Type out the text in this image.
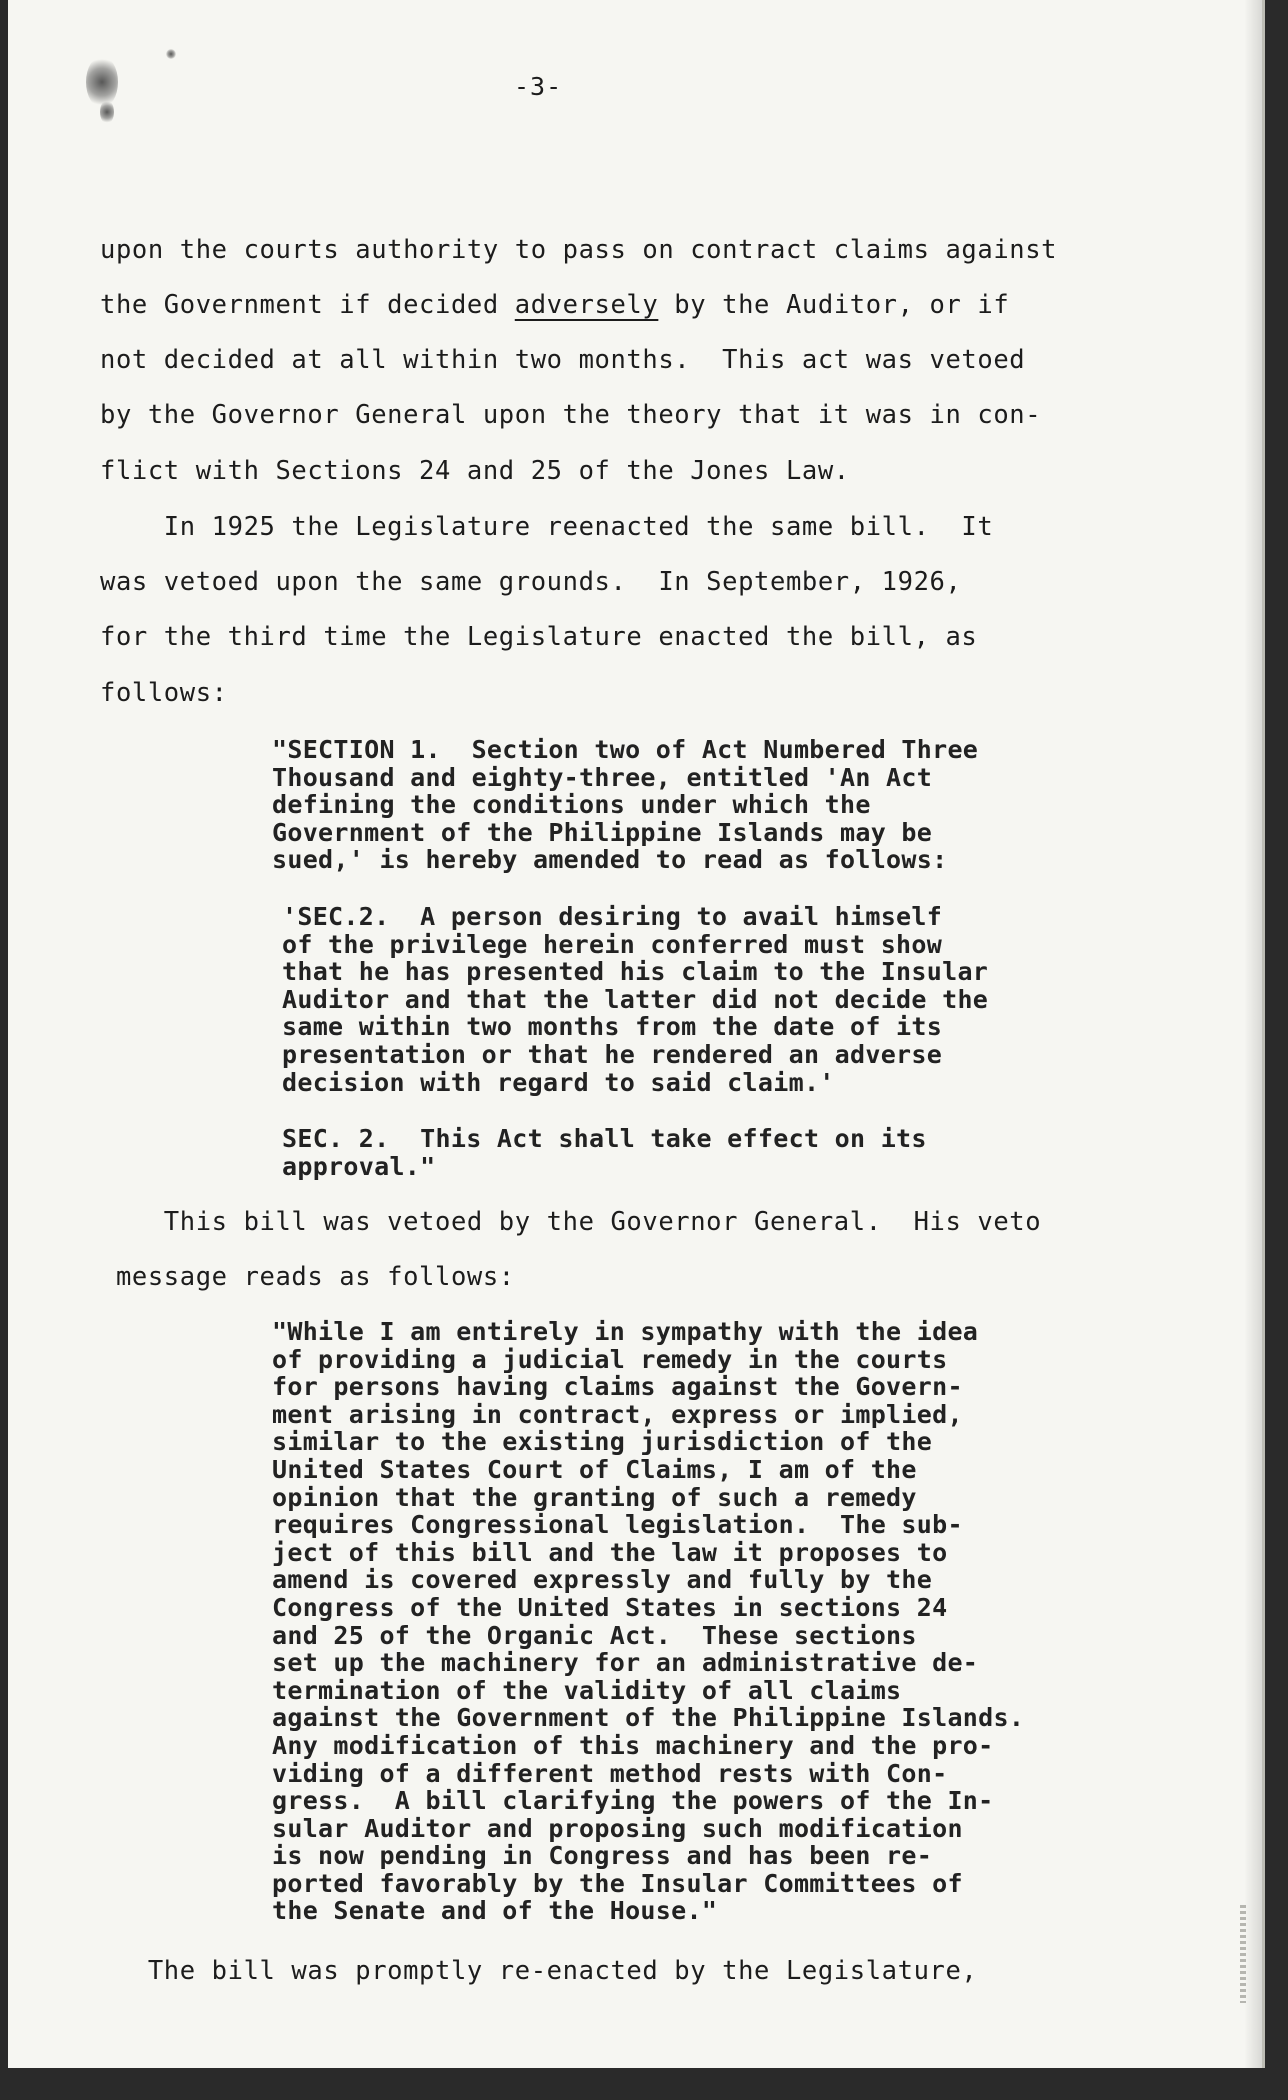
-3-

upon the courts authority to pass on contract claims against

the Government if decided adversely by the Auditor, or if

not decided at all within two months.  This act was vetoed

by the Governor General upon the theory that it was in con-

flict with Sections 24 and 25 of the Jones Law.

In 1925 the Legislature reenacted the same bill.  It

was vetoed upon the same grounds.  In September, 1926,

for the third time the Legislature enacted the bill, as

follows:

"SECTION 1.  Section two of Act Numbered Three
Thousand and eighty-three, entitled 'An Act
defining the conditions under which the
Government of the Philippine Islands may be
sued,' is hereby amended to read as follows:
'SEC.2.  A person desiring to avail himself
of the privilege herein conferred must show
that he has presented his claim to the Insular
Auditor and that the latter did not decide the
same within two months from the date of its
presentation or that he rendered an adverse
decision with regard to said claim.'
SEC. 2.  This Act shall take effect on its
approval."

This bill was vetoed by the Governor General.  His veto

message reads as follows:

"While I am entirely in sympathy with the idea
of providing a judicial remedy in the courts
for persons having claims against the Govern-
ment arising in contract, express or implied,
similar to the existing jurisdiction of the
United States Court of Claims, I am of the
opinion that the granting of such a remedy
requires Congressional legislation.  The sub-
ject of this bill and the law it proposes to
amend is covered expressly and fully by the
Congress of the United States in sections 24
and 25 of the Organic Act.  These sections
set up the machinery for an administrative de-
termination of the validity of all claims
against the Government of the Philippine Islands.
Any modification of this machinery and the pro-
viding of a different method rests with Con-
gress.  A bill clarifying the powers of the In-
sular Auditor and proposing such modification
is now pending in Congress and has been re-
ported favorably by the Insular Committees of
the Senate and of the House."

The bill was promptly re-enacted by the Legislature,
